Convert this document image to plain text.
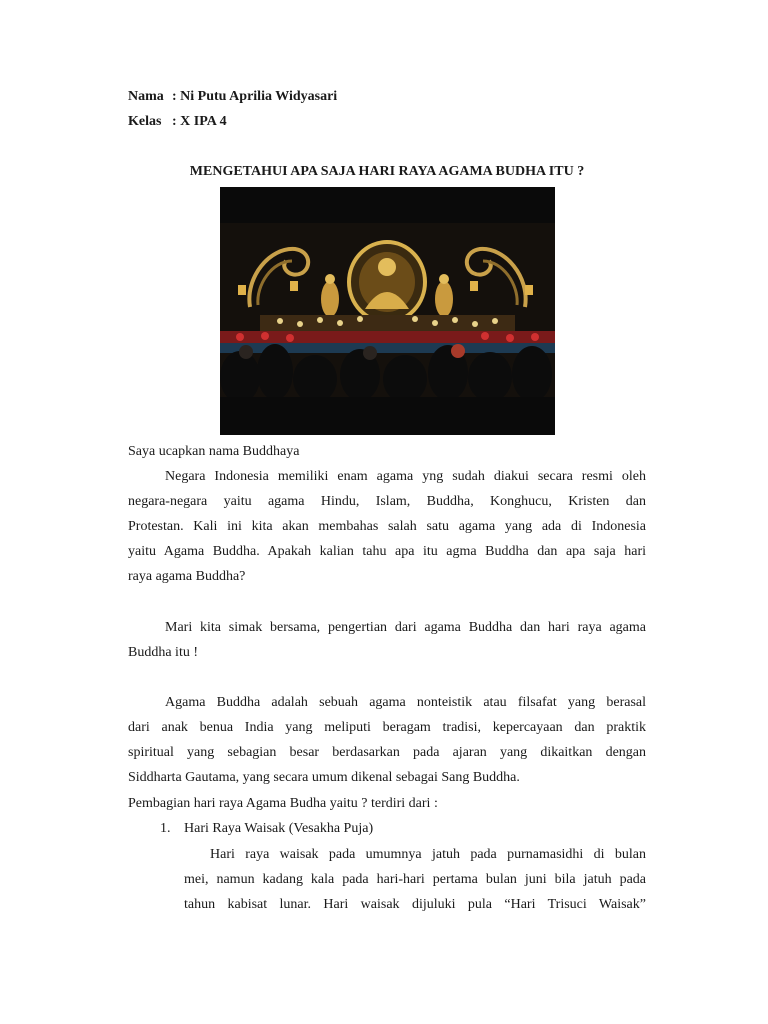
Nama : Ni Putu Aprilia Widyasari
Kelas : X IPA 4
MENGETAHUI APA SAJA HARI RAYA AGAMA BUDHA ITU ?
Saya ucapkan nama Buddhaya
Negara Indonesia memiliki enam agama yng sudah diakui secara resmi oleh
negara-negara yaitu agama Hindu, Islam, Buddha, Konghucu, Kristen dan
Protestan. Kali ini kita akan membahas salah satu agama yang ada di Indonesia
yaitu Agama Buddha. Apakah kalian tahu apa itu agma Buddha dan apa saja hari
raya agama Buddha?
Mari kita simak bersama, pengertian dari agama Buddha dan hari raya agama
Buddha itu !
Agama Buddha adalah sebuah agama nonteistik atau filsafat yang berasal
dari anak benua India yang meliputi beragam tradisi, kepercayaan dan praktik
spiritual yang sebagian besar berdasarkan pada ajaran yang dikaitkan dengan
Siddharta Gautama, yang secara umum dikenal sebagai Sang Buddha.
Pembagian hari raya Agama Budha yaitu ? terdiri dari :
1. Hari Raya Waisak (Vesakha Puja)
Hari raya waisak pada umumnya jatuh pada purnamasidhi di bulan
mei, namun kadang kala pada hari-hari pertama bulan juni bila jatuh pada
tahun kabisat lunar. Hari waisak dijuluki pula “Hari Trisuci Waisak”
